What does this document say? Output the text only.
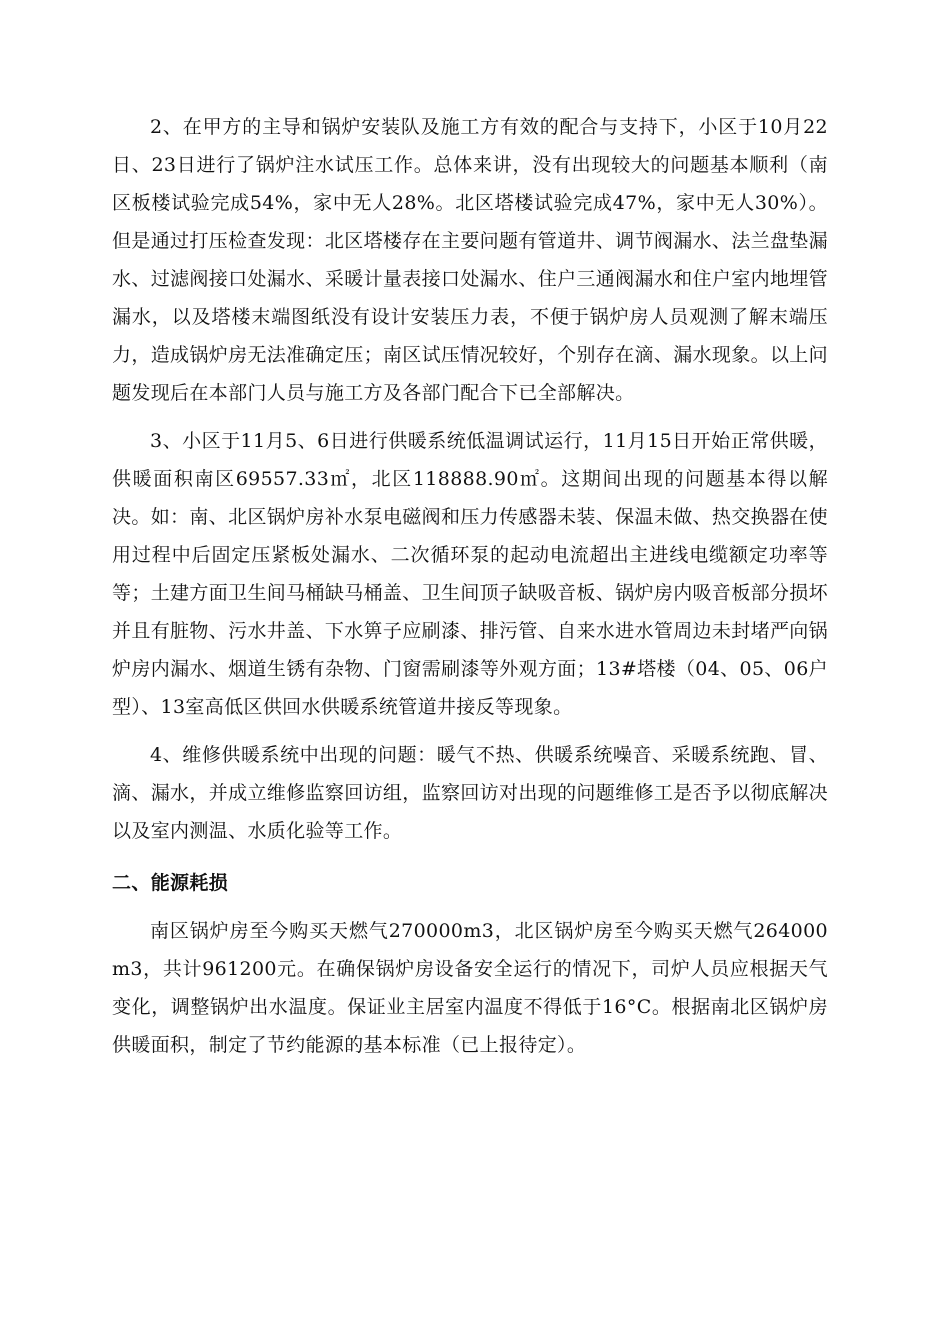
2、在甲方的主导和锅炉安装队及施工方有效的配合与支持下，小区于10月22日、23日进行了锅炉注水试压工作。总体来讲，没有出现较大的问题基本顺利（南区板楼试验完成54%，家中无人28%。北区塔楼试验完成47%，家中无人30%）。但是通过打压检查发现：北区塔楼存在主要问题有管道井、调节阀漏水、法兰盘垫漏水、过滤阀接口处漏水、采暖计量表接口处漏水、住户三通阀漏水和住户室内地埋管漏水，以及塔楼末端图纸没有设计安装压力表，不便于锅炉房人员观测了解末端压力，造成锅炉房无法准确定压；南区试压情况较好，个别存在滴、漏水现象。以上问题发现后在本部门人员与施工方及各部门配合下已全部解决。

3、小区于11月5、6日进行供暖系统低温调试运行，11月15日开始正常供暖，供暖面积南区69557.33㎡，北区118888.90㎡。这期间出现的问题基本得以解决。如：南、北区锅炉房补水泵电磁阀和压力传感器未装、保温未做、热交换器在使用过程中后固定压紧板处漏水、二次循环泵的起动电流超出主进线电缆额定功率等等；土建方面卫生间马桶缺马桶盖、卫生间顶子缺吸音板、锅炉房内吸音板部分损坏并且有脏物、污水井盖、下水箅子应刷漆、排污管、自来水进水管周边未封堵严向锅炉房内漏水、烟道生锈有杂物、门窗需刷漆等外观方面；13#塔楼（04、05、06户型）、13室高低区供回水供暖系统管道井接反等现象。

4、维修供暖系统中出现的问题：暖气不热、供暖系统噪音、采暖系统跑、冒、滴、漏水，并成立维修监察回访组，监察回访对出现的问题维修工是否予以彻底解决以及室内测温、水质化验等工作。

二、能源耗损

南区锅炉房至今购买天燃气270000m3，北区锅炉房至今购买天燃气264000m3，共计961200元。在确保锅炉房设备安全运行的情况下，司炉人员应根据天气变化，调整锅炉出水温度。保证业主居室内温度不得低于16°C。根据南北区锅炉房供暖面积，制定了节约能源的基本标准（已上报待定）。
